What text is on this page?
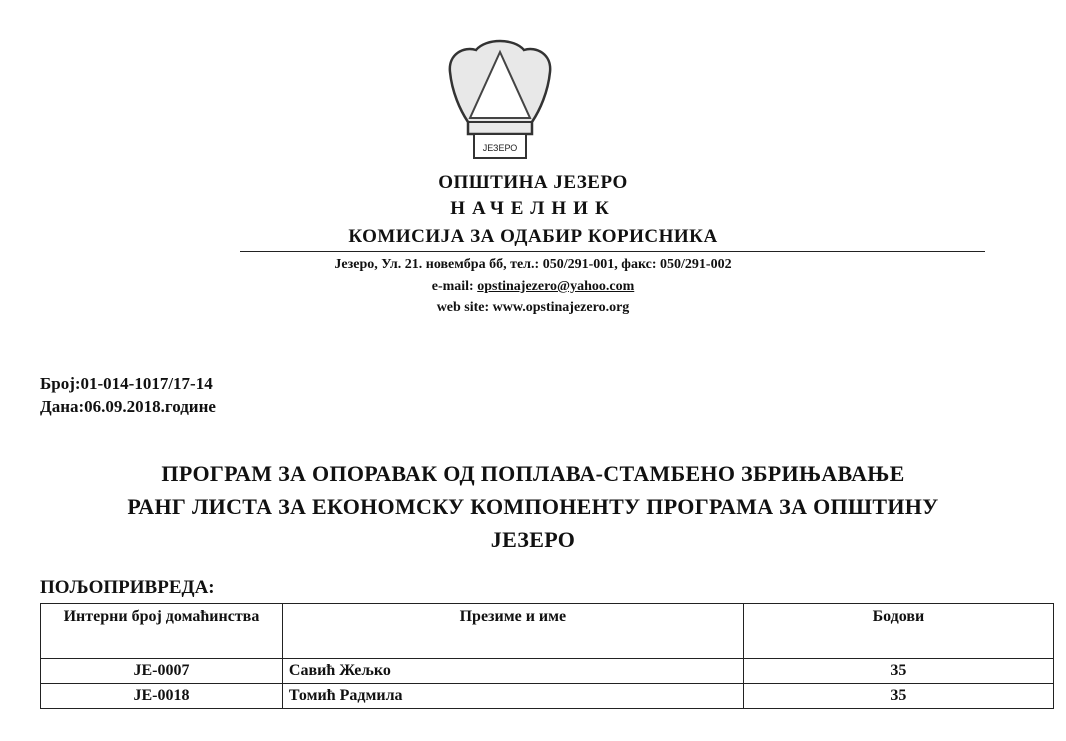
ЈЕЗЕРО
ОПШТИНА ЈЕЗЕРО
НАЧЕЛНИК
КОМИСИЈА ЗА ОДАБИР КОРИСНИКА
Језеро, Ул. 21. новембра бб, тел.: 050/291-001, факс: 050/291-002
e-mail: opstinajezero@yahoo.com
web site: www.opstinajezero.org
Број:01-014-1017/17-14
Дана:06.09.2018.године
ПРОГРАМ ЗА ОПОРАВАК ОД ПОПЛАВА-СТАМБЕНО ЗБРИЊАВАЊЕ
РАНГ ЛИСТА ЗА ЕКОНОМСКУ КОМПОНЕНТУ ПРОГРАМА ЗА ОПШТИНУ
ЈЕЗЕРО
ПОЉОПРИВРЕДА:
Интерни број домаћинства	Презиме и име	Бодови
JE-0007	Савић Жељко	35
JE-0018	Томић Радмила	35
